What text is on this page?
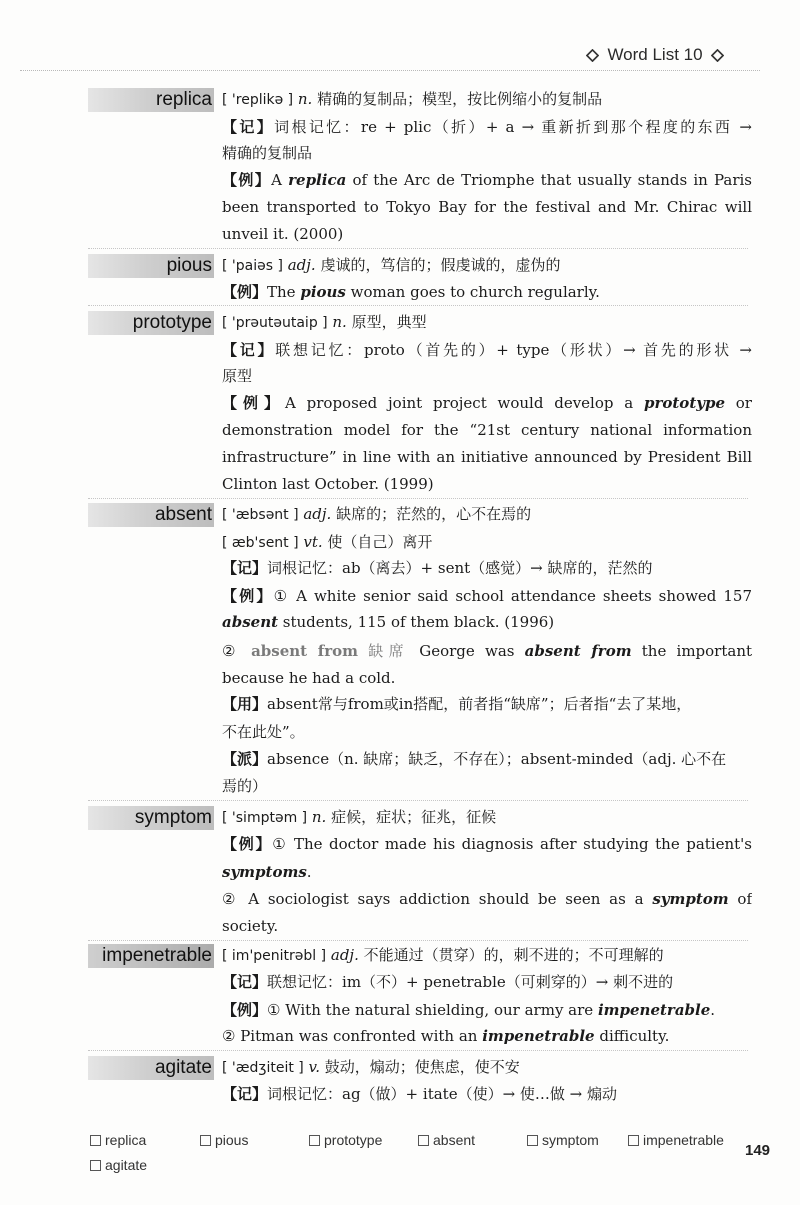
Word List 10
replica [ 'replikə ] n. 精确的复制品；模型，按比例缩小的复制品
【记】词根记忆：re + plic（折）+ a → 重新折到那个程度的东西 →
精确的复制品
【例】A replica of the Arc de Triomphe that usually stands in Paris
been transported to Tokyo Bay for the festival and Mr. Chirac will
unveil it. (2000)
pious [ 'paiəs ] adj. 虔诚的，笃信的；假虔诚的，虚伪的
【例】The pious woman goes to church regularly.
prototype [ 'prəutəutaip ] n. 原型，典型
【记】联想记忆：proto（首先的）+ type（形状）→ 首先的形状 →
原型
【例】A proposed joint project would develop a prototype or
demonstration model for the “21st century national information
infrastructure” in line with an initiative announced by President Bill
Clinton last October. (1999)
absent [ 'æbsənt ] adj. 缺席的；茫然的，心不在焉的
[ æb'sent ] vt. 使（自己）离开
【记】词根记忆：ab（离去）+ sent（感觉）→ 缺席的，茫然的
【例】① A white senior said school attendance sheets showed 157
absent students, 115 of them black. (1996)
② absent from 缺席 George was absent from the important
because he had a cold.
【用】absent常与from或in搭配，前者指“缺席”；后者指“去了某地，
不在此处”。
【派】absence（n. 缺席；缺乏，不存在）；absent-minded（adj. 心不在
焉的）
symptom [ 'simptəm ] n. 症候，症状；征兆，征候
【例】① The doctor made his diagnosis after studying the patient's
symptoms.
② A sociologist says addiction should be seen as a symptom of
society.
impenetrable [ im'penitrəbl ] adj. 不能通过（贯穿）的，刺不进的；不可理解的
【记】联想记忆：im（不）+ penetrable（可刺穿的）→ 刺不进的
【例】① With the natural shielding, our army are impenetrable.
② Pitman was confronted with an impenetrable difficulty.
agitate [ 'ædʒiteit ] v. 鼓动，煽动；使焦虑，使不安
【记】词根记忆：ag（做）+ itate（使）→ 使…做 → 煽动
replica	pious	prototype	absent	symptom	impenetrable
agitate
149
